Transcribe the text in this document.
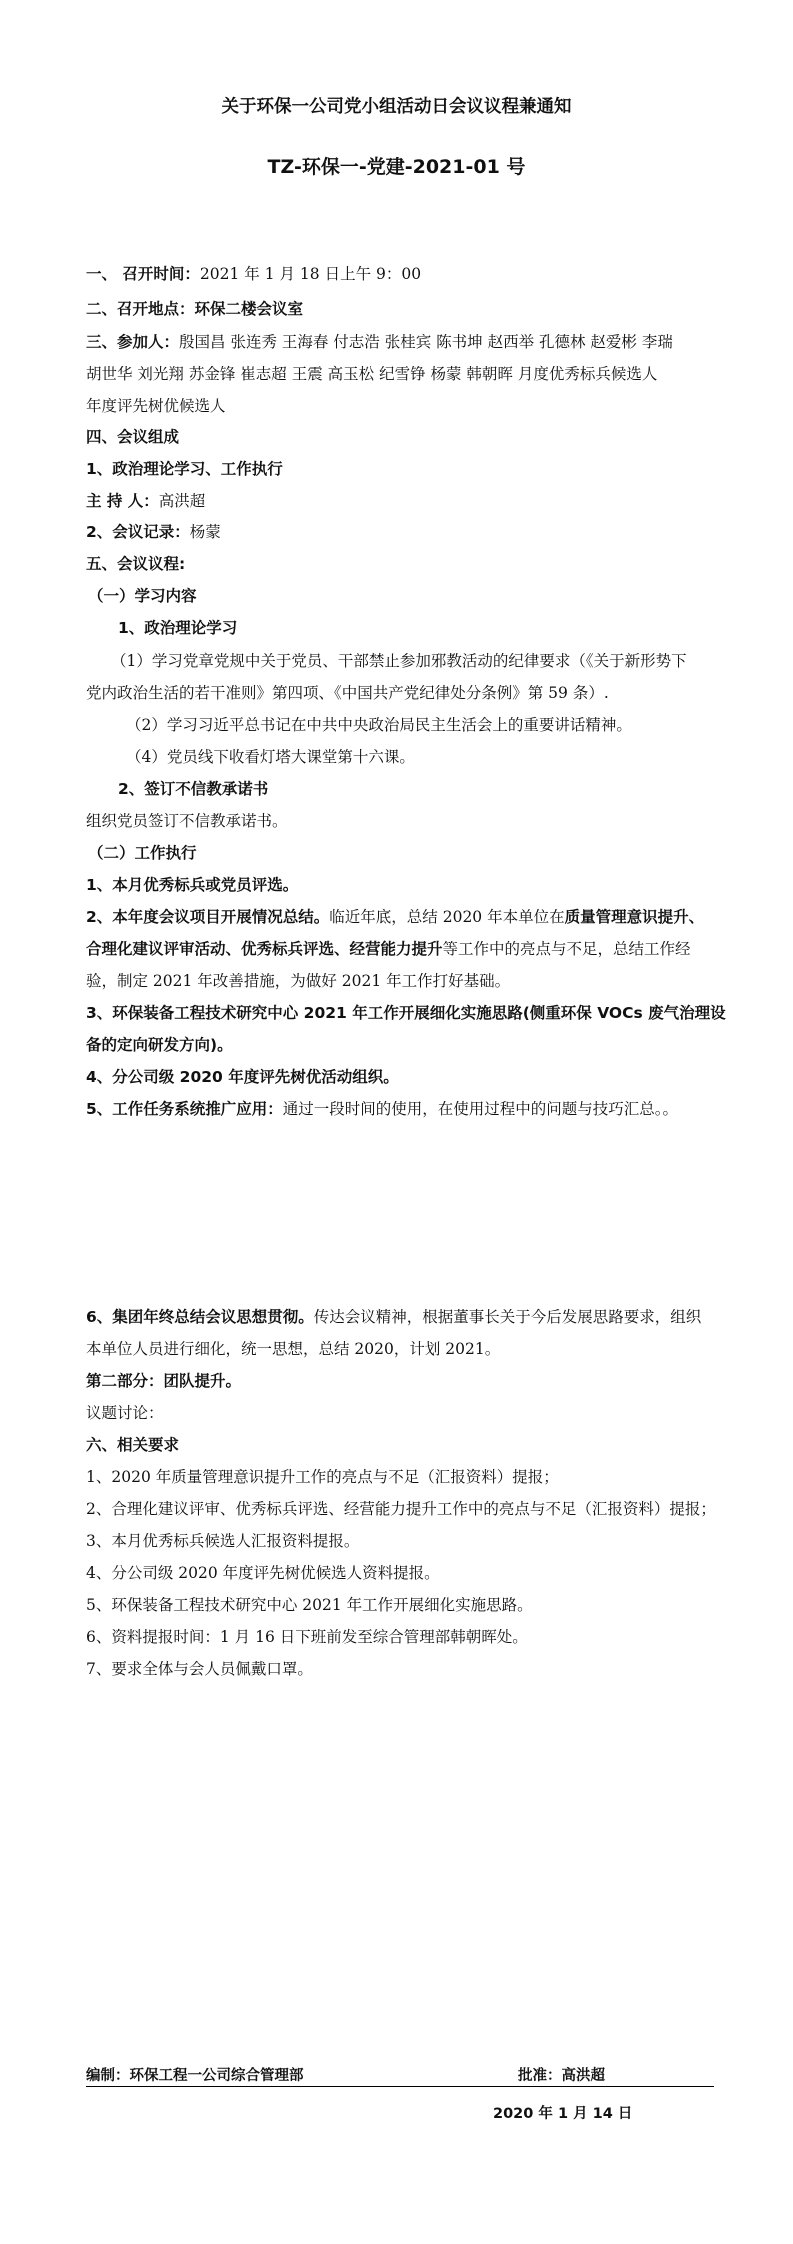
关于环保一公司党小组活动日会议议程兼通知
TZ-环保一-党建-2021-01 号
一、 召开时间：2021 年 1 月 18 日上午 9：00
二、召开地点：环保二楼会议室
三、参加人：殷国昌 张连秀 王海春 付志浩 张桂宾 陈书坤 赵西举 孔德林 赵爱彬 李瑞
胡世华 刘光翔 苏金锋 崔志超 王震 高玉松 纪雪铮 杨蒙 韩朝晖 月度优秀标兵候选人
年度评先树优候选人
四、会议组成
1、政治理论学习、工作执行
主 持 人：高洪超
2、会议记录：杨蒙
五、会议议程:
（一）学习内容
1、政治理论学习
（1）学习党章党规中关于党员、干部禁止参加邪教活动的纪律要求（《关于新形势下
党内政治生活的若干准则》第四项、《中国共产党纪律处分条例》第 59 条）.
（2）学习习近平总书记在中共中央政治局民主生活会上的重要讲话精神。
（4）党员线下收看灯塔大课堂第十六课。
2、签订不信教承诺书
组织党员签订不信教承诺书。
（二）工作执行
1、本月优秀标兵或党员评选。
2、本年度会议项目开展情况总结。临近年底，总结 2020 年本单位在质量管理意识提升、
合理化建议评审活动、优秀标兵评选、经营能力提升等工作中的亮点与不足，总结工作经
验，制定 2021 年改善措施，为做好 2021 年工作打好基础。
3、环保装备工程技术研究中心 2021 年工作开展细化实施思路(侧重环保 VOCs 废气治理设
备的定向研发方向)。
4、分公司级 2020 年度评先树优活动组织。
5、工作任务系统推广应用：通过一段时间的使用，在使用过程中的问题与技巧汇总。。
6、集团年终总结会议思想贯彻。传达会议精神，根据董事长关于今后发展思路要求，组织
本单位人员进行细化，统一思想，总结 2020，计划 2021。
第二部分：团队提升。
议题讨论：
六、相关要求
1、2020 年质量管理意识提升工作的亮点与不足（汇报资料）提报；
2、合理化建议评审、优秀标兵评选、经营能力提升工作中的亮点与不足（汇报资料）提报；
3、本月优秀标兵候选人汇报资料提报。
4、分公司级 2020 年度评先树优候选人资料提报。
5、环保装备工程技术研究中心 2021 年工作开展细化实施思路。
6、资料提报时间：1 月 16 日下班前发至综合管理部韩朝晖处。
7、要求全体与会人员佩戴口罩。
编制：环保工程一公司综合管理部	批准：高洪超
2020 年 1 月 14 日
